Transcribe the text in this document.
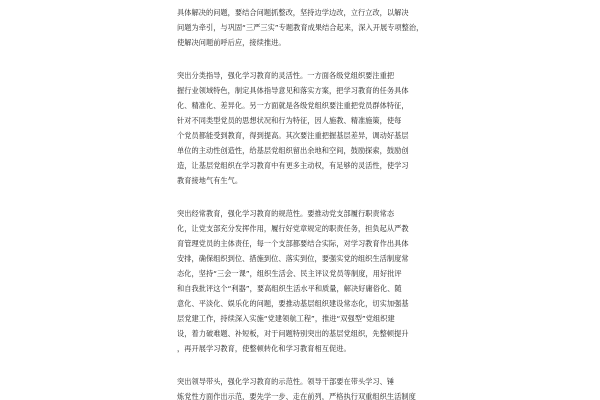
具体解决的问题，要结合问题抓整改，坚持边学边改，立行立改，以解决
问题为牵引，与巩固“三严三实”专题教育成果结合起来，深入开展专项整治，
使解决问题前呼后应，接续推进。
突出分类指导，强化学习教育的灵活性。一方面各级党组织要注重把
握行业领域特色，制定具体指导意见和落实方案，把学习教育的任务具体
化、精准化、差异化。另一方面就是各级党组织要注重把党员群体特征，
针对不同类型党员的思想状况和行为特征，因人施教、精准施策，使每
个党员都能受到教育，得到提高。其次要注重把握基层差异，调动好基层
单位的主动性创造性，给基层党组织留出余地和空间，鼓励探索，鼓励创
造，让基层党组织在学习教育中有更多主动权，有足够的灵活性，使学习
教育接地气有生气。
突出经常教育，强化学习教育的规范性。要推动党支部履行职责常态
化，让党支部充分发挥作用，履行好党章规定的职责任务，担负起从严教
育管理党员的主体责任，每一个支部都要结合实际，对学习教育作出具体
安排，确保组织到位、措施到位、落实到位，要强实党的组织生活制度常
态化，坚持“三会一课”，组织生活会、民主评议党员等制度，用好批评
和自我批评这个“利器”，要高组织生活水平和质量，解决好庸俗化、随
意化、平淡化、娱乐化的问题，要推动基层组织建设常态化，切实加强基
层党建工作，持续深入实施“党建领航工程”，推进“双强型”党组织建
设，着力破难题、补短板，对于问题特别突出的基层党组织，先整顿提升
，再开展学习教育，使整顿转化和学习教育相互促进。
突出领导带头，强化学习教育的示范性。领导干部要在带头学习、锤
炼党性方面作出示范，要先学一步、走在前列，严格执行双重组织生活制度
